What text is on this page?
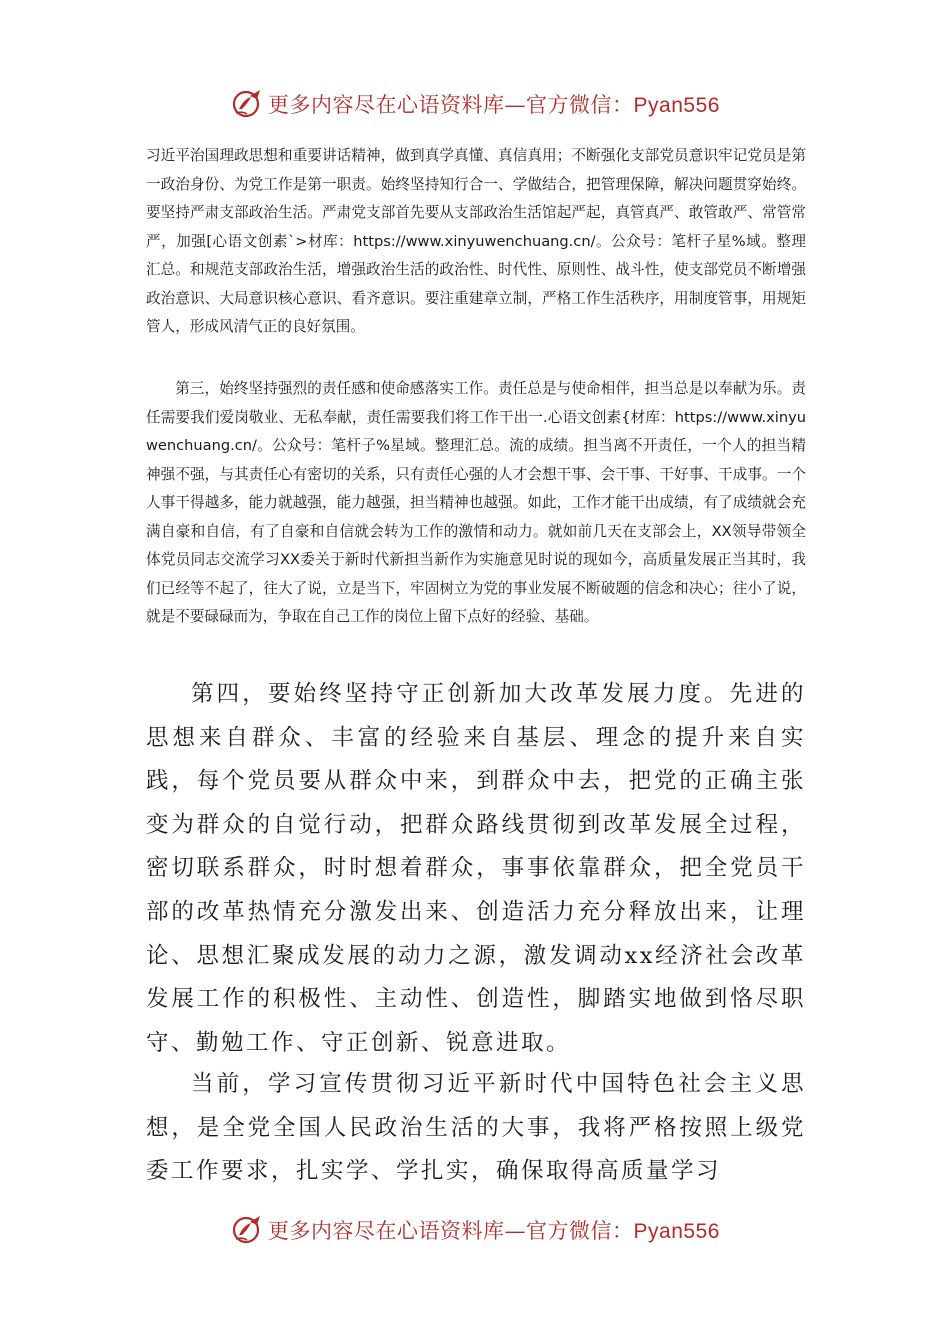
更多内容尽在心语资料库—官方微信：Pyan556

习近平治国理政思想和重要讲话精神，做到真学真懂、真信真用；不断强化支部党员意识牢记党员是第一政治身份、为党工作是第一职责。始终坚持知行合一、学做结合，把管理保障，解决问题贯穿始终。要坚持严肃支部政治生活。严肃党支部首先要从支部政治生活馆起严起，真管真严、敢管敢严、常管常严，加强[心语文创素`>材库：https://www.xinyuwenchuang.cn/。公众号：笔杆子星%域。整理汇总。和规范支部政治生活，增强政治生活的政治性、时代性、原则性、战斗性，使支部党员不断增强政治意识、大局意识核心意识、看齐意识。要注重建章立制，严格工作生活秩序，用制度管事，用规矩管人，形成风清气正的良好氛围。

第三，始终坚持强烈的责任感和使命感落实工作。责任总是与使命相伴，担当总是以奉献为乐。责任需要我们爱岗敬业、无私奉献，责任需要我们将工作干出一.心语文创素{材库：https://www.xinyuwenchuang.cn/。公众号：笔杆子%星域。整理汇总。流的成绩。担当离不开责任，一个人的担当精神强不强，与其责任心有密切的关系，只有责任心强的人才会想干事、会干事、干好事、干成事。一个人事干得越多，能力就越强，能力越强，担当精神也越强。如此，工作才能干出成绩，有了成绩就会充满自豪和自信，有了自豪和自信就会转为工作的激情和动力。就如前几天在支部会上，XX领导带领全体党员同志交流学习XX委关于新时代新担当新作为实施意见时说的现如今，高质量发展正当其时，我们已经等不起了，往大了说，立是当下，牢固树立为党的事业发展不断破题的信念和决心；往小了说，就是不要碌碌而为，争取在自己工作的岗位上留下点好的经验、基础。

第四，要始终坚持守正创新加大改革发展力度。先进的思想来自群众、丰富的经验来自基层、理念的提升来自实践，每个党员要从群众中来，到群众中去，把党的正确主张变为群众的自觉行动，把群众路线贯彻到改革发展全过程，密切联系群众，时时想着群众，事事依靠群众，把全党员干部的改革热情充分激发出来、创造活力充分释放出来，让理论、思想汇聚成发展的动力之源，激发调动xx经济社会改革发展工作的积极性、主动性、创造性，脚踏实地做到恪尽职守、勤勉工作、守正创新、锐意进取。

当前，学习宣传贯彻习近平新时代中国特色社会主义思想，是全党全国人民政治生活的大事，我将严格按照上级党委工作要求，扎实学、学扎实，确保取得高质量学习

更多内容尽在心语资料库—官方微信：Pyan556
